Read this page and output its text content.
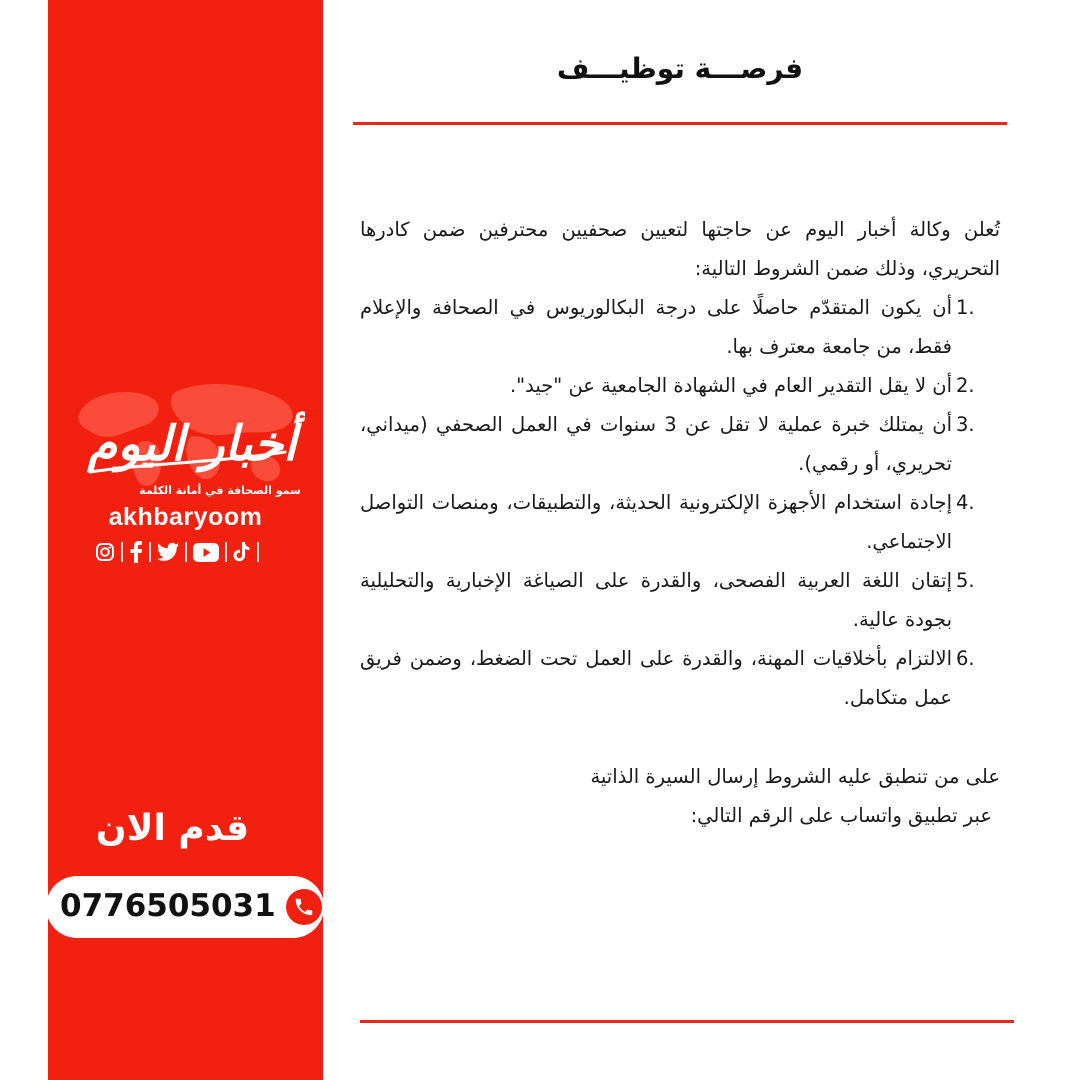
أخبار اليوم
سمو الصحافة في أمانة الكلمة
akhbaryoom
قدم الان
0776505031
فرصـــة توظيـــف

تُعلن وكالة أخبار اليوم عن حاجتها لتعيين صحفيين محترفين ضمن كادرها التحريري، وذلك ضمن الشروط التالية:

1.
أن يكون المتقدّم حاصلًا على درجة البكالوريوس في الصحافة والإعلام فقط، من جامعة معترف بها.
2.
أن لا يقل التقدير العام في الشهادة الجامعية عن "جيد".
3.
أن يمتلك خبرة عملية لا تقل عن 3 سنوات في العمل الصحفي (ميداني، تحريري، أو رقمي).
4.
إجادة استخدام الأجهزة الإلكترونية الحديثة، والتطبيقات، ومنصات التواصل الاجتماعي.
5.
إتقان اللغة العربية الفصحى، والقدرة على الصياغة الإخبارية والتحليلية بجودة عالية.
6.
الالتزام بأخلاقيات المهنة، والقدرة على العمل تحت الضغط، وضمن فريق عمل متكامل.

على من تنطبق عليه الشروط إرسال السيرة الذاتية

عبر تطبيق واتساب على الرقم التالي:
